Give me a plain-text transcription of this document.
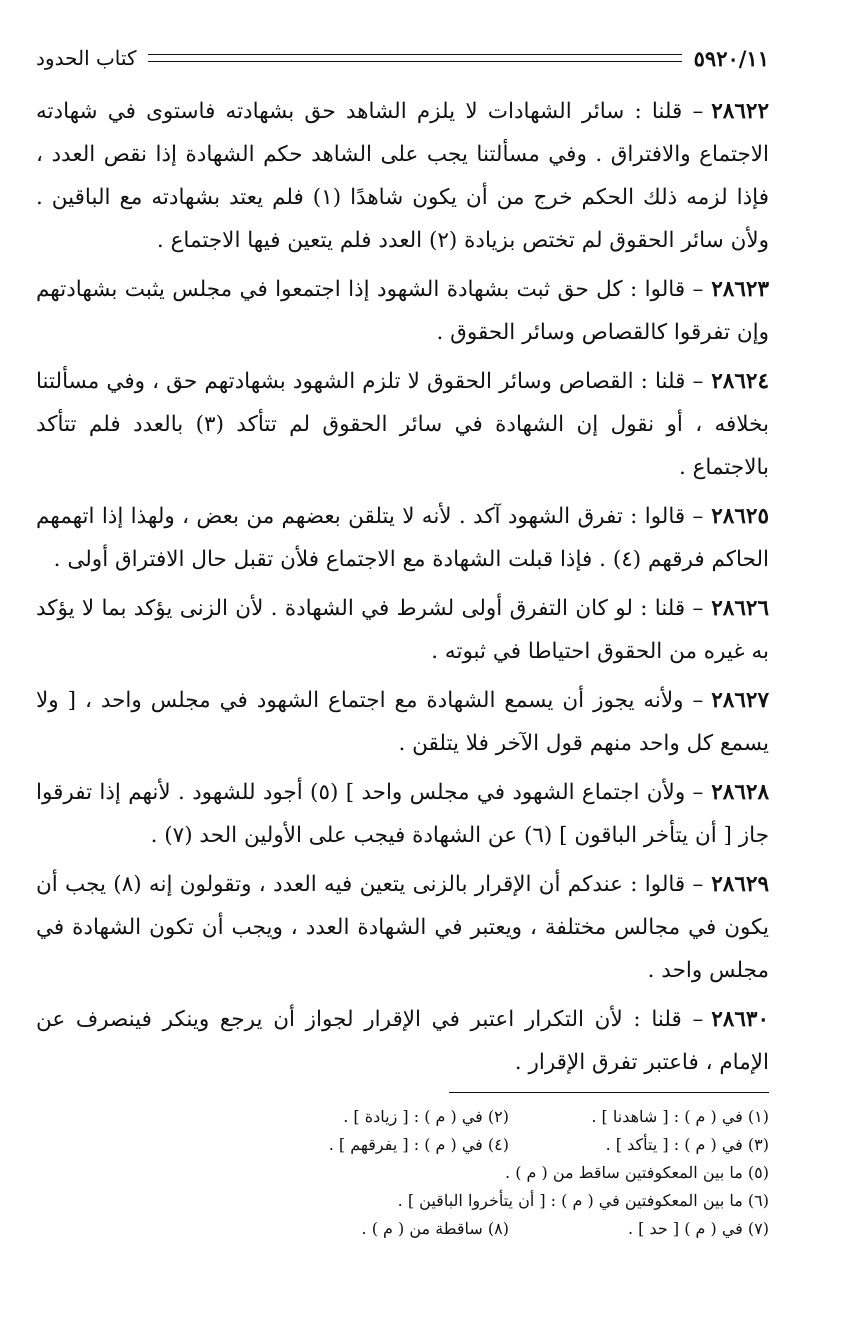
٥٩٢٠/١١
كتاب الحدود

٢٨٦٢٢– قلنا : سائر الشهادات لا يلزم الشاهد حق بشهادته فاستوى في شهادته الاجتماع والافتراق . وفي مسألتنا يجب على الشاهد حكم الشهادة إذا نقص العدد ، فإذا لزمه ذلك الحكم خرج من أن يكون شاهدًا (١) فلم يعتد بشهادته مع الباقين . ولأن سائر الحقوق لم تختص بزيادة (٢) العدد فلم يتعين فيها الاجتماع .

٢٨٦٢٣– قالوا : كل حق ثبت بشهادة الشهود إذا اجتمعوا في مجلس يثبت بشهادتهم وإن تفرقوا كالقصاص وسائر الحقوق .

٢٨٦٢٤– قلنا : القصاص وسائر الحقوق لا تلزم الشهود بشهادتهم حق ، وفي مسألتنا بخلافه ، أو نقول إن الشهادة في سائر الحقوق لم تتأكد (٣) بالعدد فلم تتأكد بالاجتماع .

٢٨٦٢٥– قالوا : تفرق الشهود آكد . لأنه لا يتلقن بعضهم من بعض ، ولهذا إذا اتهمهم الحاكم فرقهم (٤) . فإذا قبلت الشهادة مع الاجتماع فلأن تقبل حال الافتراق أولى .

٢٨٦٢٦– قلنا : لو كان التفرق أولى لشرط في الشهادة . لأن الزنى يؤكد بما لا يؤكد به غيره من الحقوق احتياطا في ثبوته .

٢٨٦٢٧– ولأنه يجوز أن يسمع الشهادة مع اجتماع الشهود في مجلس واحد ، [ ولا يسمع كل واحد منهم قول الآخر فلا يتلقن .

٢٨٦٢٨– ولأن اجتماع الشهود في مجلس واحد ] (٥) أجود للشهود . لأنهم إذا تفرقوا جاز [ أن يتأخر الباقون ] (٦) عن الشهادة فيجب على الأولين الحد (٧) .

٢٨٦٢٩– قالوا : عندكم أن الإقرار بالزنى يتعين فيه العدد ، وتقولون إنه (٨) يجب أن يكون في مجالس مختلفة ، ويعتبر في الشهادة العدد ، ويجب أن تكون الشهادة في مجلس واحد .

٢٨٦٣٠– قلنا : لأن التكرار اعتبر في الإقرار لجواز أن يرجع وينكر فينصرف عن الإمام ، فاعتبر تفرق الإقرار .

(١) في ( م ) : [ شاهدنا ] .
(٢) في ( م ) : [ زيادة ] .
(٣) في ( م ) : [ يتأكد ] .
(٤) في ( م ) : [ يفرقهم ] .
(٥) ما بين المعكوفتين ساقط من ( م ) .
(٦) ما بين المعكوفتين في ( م ) : [ أن يتأخروا الباقين ] .
(٧) في ( م ) [ حد ] .
(٨) ساقطة من ( م ) .
